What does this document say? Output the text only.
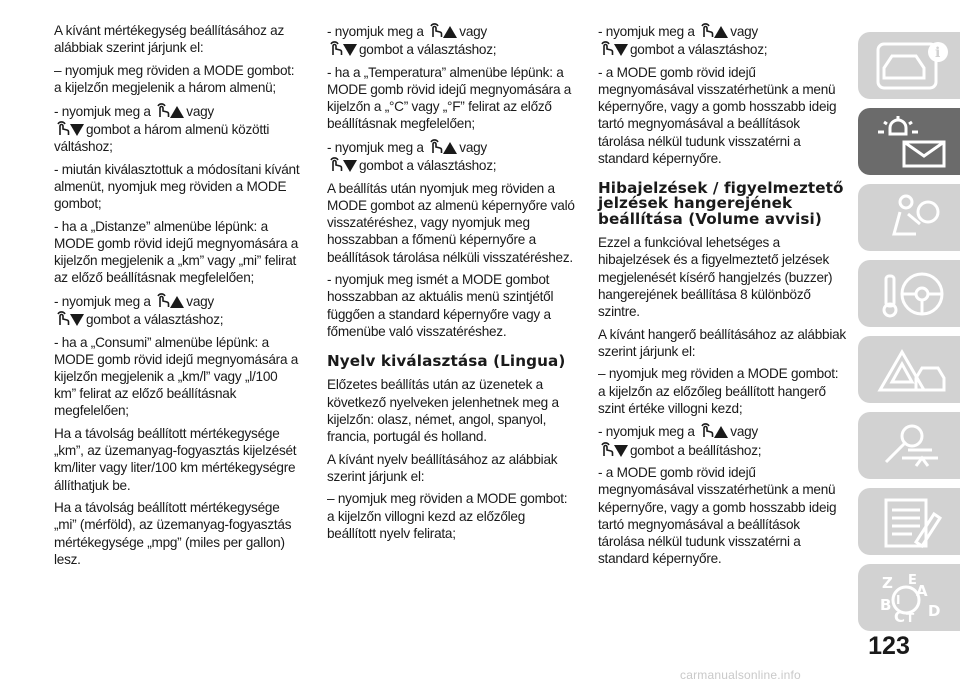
A kívánt mértékegység beállításához az alábbiak szerint járjunk el:

– nyomjuk meg röviden a MODE gombot: a kijelzőn megjelenik a három almenü;

- nyomjuk meg a
vagy

gombot a három almenü közötti váltáshoz;

- miután kiválasztottuk a módosítani kívánt almenüt, nyomjuk meg röviden a MODE gombot;

- ha a „Distanze” almenübe lépünk: a MODE gomb rövid idejű megnyomására a kijelzőn megjelenik a „km” vagy „mi” felirat az előző beállításnak megfelelően;

- nyomjuk meg a
vagy

gombot a választáshoz;

- ha a „Consumi” almenübe lépünk: a MODE gomb rövid idejű megnyomására a kijelzőn megjelenik a „km/l” vagy „l/100 km” felirat az előző beállításnak megfelelően;

Ha a távolság beállított mértékegysége „km”, az üzemanyag-fogyasztás kijelzését km/liter vagy liter/100 km mértékegységre állíthatjuk be.

Ha a távolság beállított mértékegysége „mi” (mérföld), az üzemanyag-fogyasztás mértékegysége „mpg” (miles per gallon) lesz.

- nyomjuk meg a
vagy

gombot a választáshoz;

- ha a „Temperatura” almenübe lépünk: a MODE gomb rövid idejű megnyomására a kijelzőn a „°C” vagy „°F” felirat az előző beállításnak megfelelően;

- nyomjuk meg a
vagy

gombot a választáshoz;

A beállítás után nyomjuk meg röviden a MODE gombot az almenü képernyőre való visszatéréshez, vagy nyomjuk meg hosszabban a főmenü képernyőre a beállítások tárolása nélküli visszatéréshez.

- nyomjuk meg ismét a MODE gombot hosszabban az aktuális menü szintjétől függően a standard képernyőre vagy a főmenübe való visszatéréshez.

Nyelv kiválasztása (Lingua)

Előzetes beállítás után az üzenetek a következő nyelveken jelenhetnek meg a kijelzőn: olasz, német, angol, spanyol, francia, portugál és holland.

A kívánt nyelv beállításához az alábbiak szerint járjunk el:

– nyomjuk meg röviden a MODE gombot: a kijelzőn villogni kezd az előzőleg beállított nyelv felirata;

- nyomjuk meg a
vagy

gombot a választáshoz;

- a MODE gomb rövid idejű megnyomásával visszatérhetünk a menü képernyőre, vagy a gomb hosszabb ideig tartó megnyomásával a beállítások tárolása nélkül tudunk visszatérni a standard képernyőre.

Hibajelzések / figyelmeztető jelzések hangerejének beállítása (Volume avvisi)

Ezzel a funkcióval lehetséges a hibajelzések és a figyelmeztető jelzések megjelenését kísérő hangjelzés (buzzer) hangerejének beállítása 8 különböző szintre.

A kívánt hangerő beállításához az alábbiak szerint járjunk el:

– nyomjuk meg röviden a MODE gombot: a kijelzőn az előzőleg beállított hangerő szint értéke villogni kezd;

- nyomjuk meg a
vagy

gombot a beállításhoz;

- a MODE gomb rövid idejű megnyomásával visszatérhetünk a menü képernyőre, vagy a gomb hosszabb ideig tartó megnyomásával a beállítások tárolása nélkül tudunk visszatérni a standard képernyőre.

i
Z
B
A
C D
E
T
I
123
carmanualsonline.info
